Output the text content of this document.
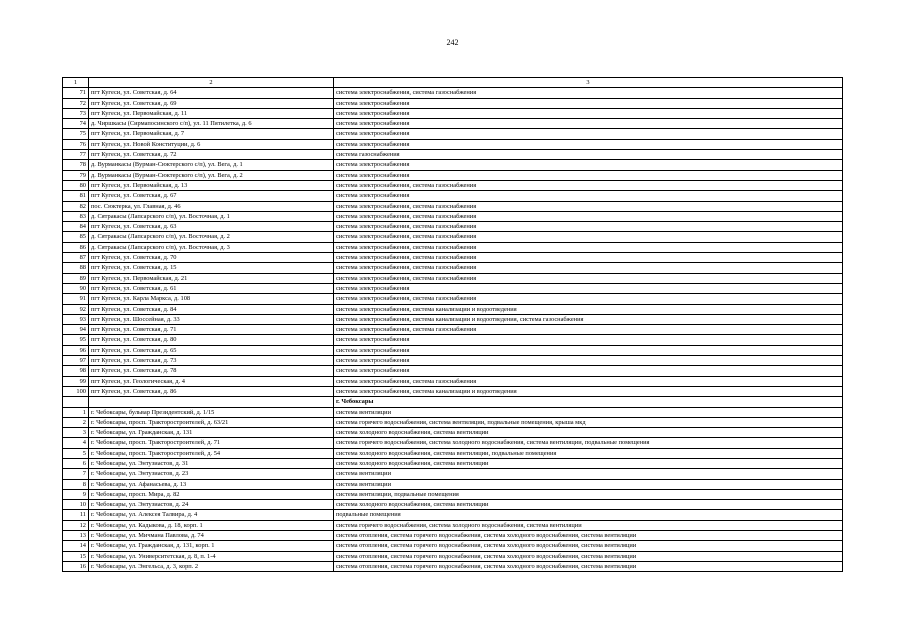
242
1	2	3
71	пгт Кугеси, ул. Советская, д. 64	система электроснабжения, система газоснабжения
72	пгт Кугеси, ул. Советская, д. 69	система электроснабжения
73	пгт Кугеси, ул. Первомайская, д. 11	система электроснабжения
74	д. Чиршкасы (Сирмапосинского с/п), ул. 11 Пятилетка, д. 6	система электроснабжения
75	пгт Кугеси, ул. Первомайская, д. 7	система электроснабжения
76	пгт Кугеси, ул. Новой Конституции, д. 6	система электроснабжения
77	пгт Кугеси, ул. Советская, д. 72	система газоснабжения
78	д. Вурманкасы (Вурман-Сюктерского с/п), ул. Вега, д. 1	система электроснабжения
79	д. Вурманкасы (Вурман-Сюктерского с/п), ул. Вега, д. 2	система электроснабжения
80	пгт Кугеси, ул. Первомайская, д. 13	система электроснабжения, система газоснабжения
81	пгт Кугеси, ул. Советская, д. 67	система электроснабжения
82	пос. Сюктерка, ул. Главная, д. 46	система электроснабжения, система газоснабжения
83	д. Сятракасы (Лапсарского с/п), ул. Восточная, д. 1	система электроснабжения, система газоснабжения
84	пгт Кугеси, ул. Советская, д. 63	система электроснабжения, система газоснабжения
85	д. Сятракасы (Лапсарского с/п), ул. Восточная, д. 2	система электроснабжения, система газоснабжения
86	д. Сятракасы (Лапсарского с/п), ул. Восточная, д. 3	система электроснабжения, система газоснабжения
87	пгт Кугеси, ул. Советская, д. 70	система электроснабжения, система газоснабжения
88	пгт Кугеси, ул. Советская, д. 15	система электроснабжения, система газоснабжения
89	пгт Кугеси, ул. Первомайская, д. 21	система электроснабжения, система газоснабжения
90	пгт Кугеси, ул. Советская, д. 61	система электроснабжения
91	пгт Кугеси, ул. Карла Маркса, д. 108	система электроснабжения, система газоснабжения
92	пгт Кугеси, ул. Советская, д. 84	система электроснабжения, система канализации и водоотведения
93	пгт Кугеси, ул. Шоссейная, д. 33	система электроснабжения, система канализации и водоотведения, система газоснабжения
94	пгт Кугеси, ул. Советская, д. 71	система электроснабжения, система газоснабжения
95	пгт Кугеси, ул. Советская, д. 80	система электроснабжения
96	пгт Кугеси, ул. Советская, д. 65	система электроснабжения
97	пгт Кугеси, ул. Советская, д. 73	система электроснабжения
98	пгт Кугеси, ул. Советская, д. 78	система электроснабжения
99	пгт Кугеси, ул. Геологическая, д. 4	система электроснабжения, система газоснабжения
100	пгт Кугеси, ул. Советская, д. 86	система электроснабжения, система канализации и водоотведения
		г. Чебоксары
1	г. Чебоксары, бульвар Президентский, д. 1/15	система вентиляции
2	г. Чебоксары, просп. Тракторостроителей, д. 63/21	система горячего водоснабжения, система вентиляции, подвальные помещения, крыша мкд
3	г. Чебоксары, ул. Гражданская, д. 131	система холодного водоснабжения, система вентиляции
4	г. Чебоксары, просп. Тракторостроителей, д. 71	система горячего водоснабжения, система холодного водоснабжения, система вентиляции, подвальные помещения
5	г. Чебоксары, просп. Тракторостроителей, д. 54	система холодного водоснабжения, система вентиляции, подвальные помещения
6	г. Чебоксары, ул. Энтузиастов, д. 31	система холодного водоснабжения, система вентиляции
7	г. Чебоксары, ул. Энтузиастов, д. 23	система вентиляции
8	г. Чебоксары, ул. Афанасьева, д. 13	система вентиляции
9	г. Чебоксары, просп. Мира, д. 82	система вентиляции, подвальные помещения
10	г. Чебоксары, ул. Энтузиастов, д. 24	система холодного водоснабжения, система вентиляции
11	г. Чебоксары, ул. Алексея Талвира, д. 4	подвальные помещения
12	г. Чебоксары, ул. Кадыкова, д. 18, корп. 1	система горячего водоснабжения, система холодного водоснабжения, система вентиляции
13	г. Чебоксары, ул. Мичмана Павлова, д. 74	система отопления, система горячего водоснабжения, система холодного водоснабжения, система вентиляции
14	г. Чебоксары, ул. Гражданская, д. 131, корп. 1	система отопления, система горячего водоснабжения, система холодного водоснабжения, система вентиляции
15	г. Чебоксары, ул. Университетская, д. 8, п. 1-4	система отопления, система горячего водоснабжения, система холодного водоснабжения, система вентиляции
16	г. Чебоксары, ул. Энгельса, д. 3, корп. 2	система отопления, система горячего водоснабжения, система холодного водоснабжения, система вентиляции
